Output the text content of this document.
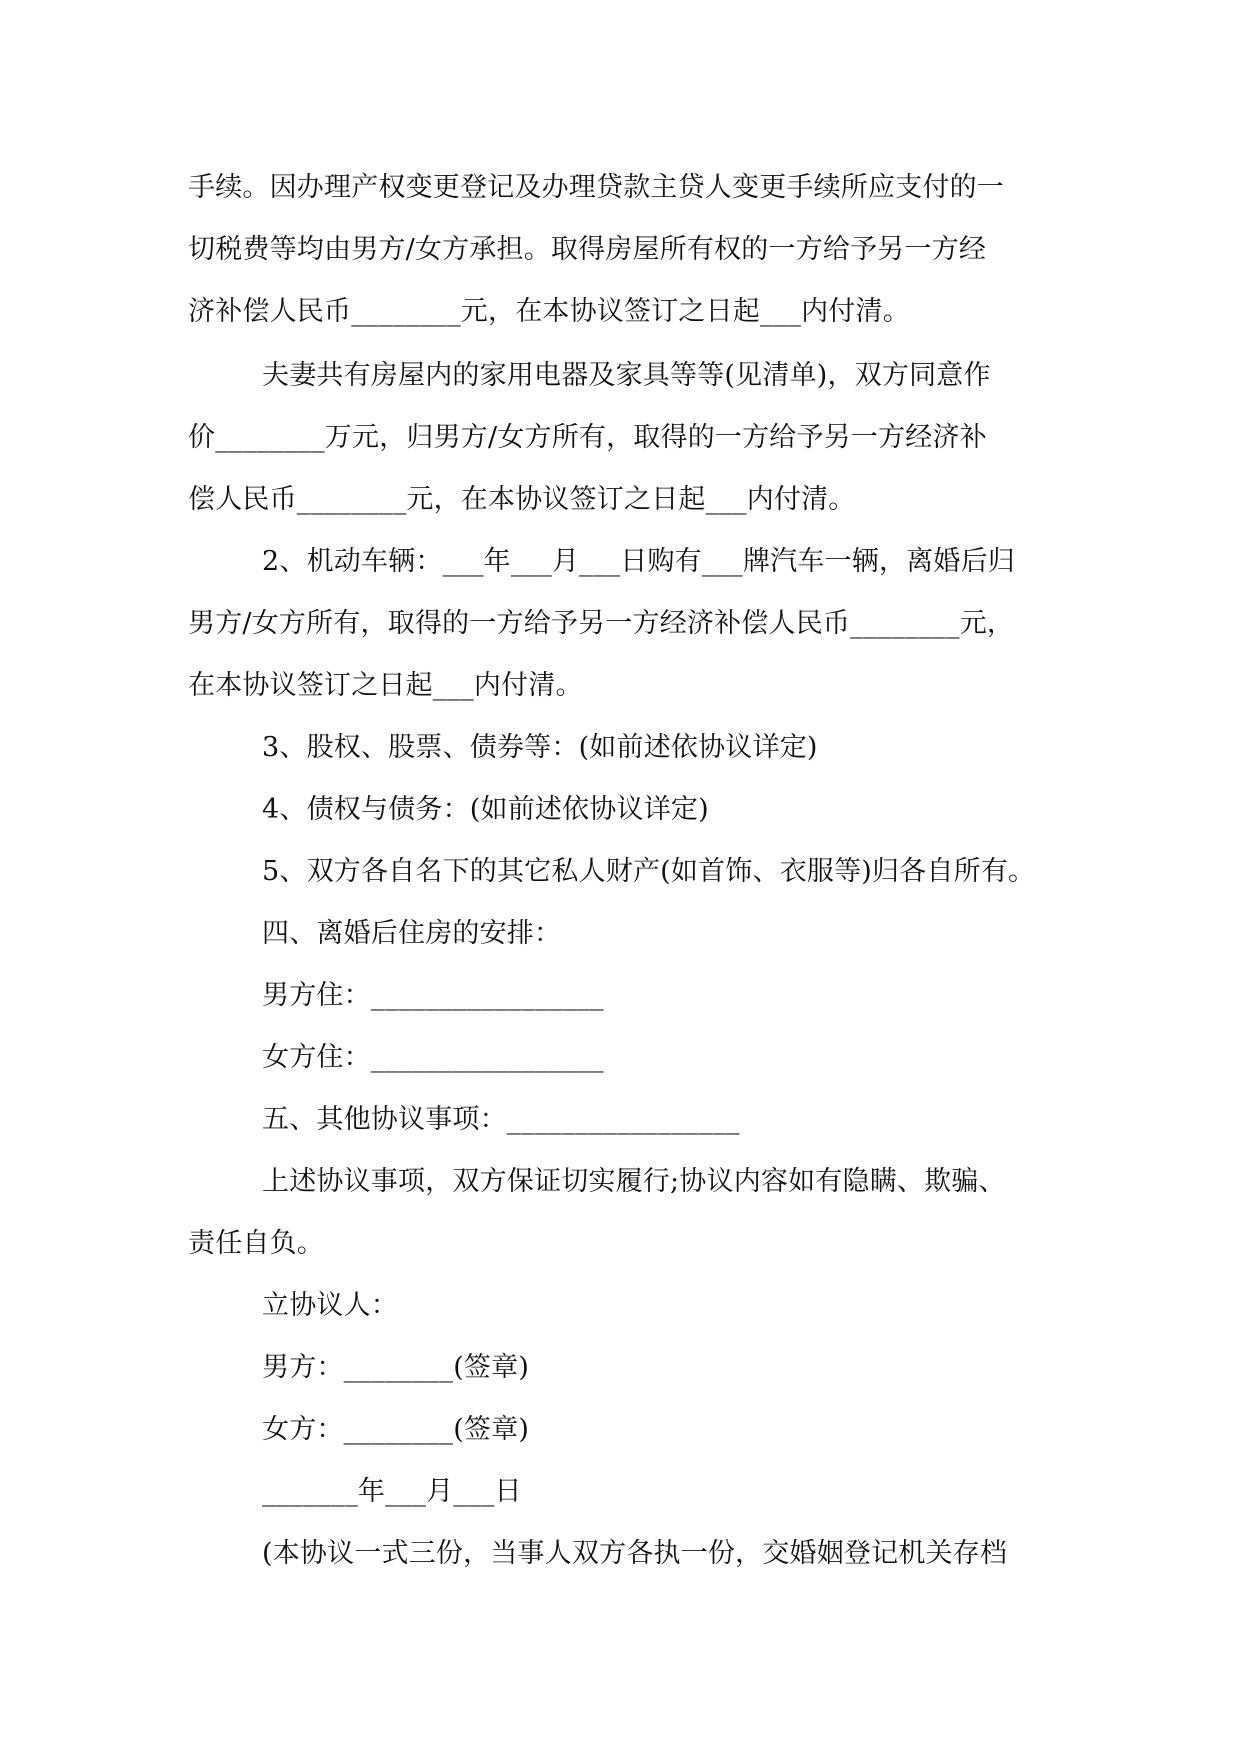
手续。因办理产权变更登记及办理贷款主贷人变更手续所应支付的一
切税费等均由男方/女方承担。取得房屋所有权的一方给予另一方经
济补偿人民币________元，在本协议签订之日起___内付清。
夫妻共有房屋内的家用电器及家具等等(见清单)，双方同意作
价________万元，归男方/女方所有，取得的一方给予另一方经济补
偿人民币________元，在本协议签订之日起___内付清。
2、机动车辆：___年___月___日购有___牌汽车一辆，离婚后归
男方/女方所有，取得的一方给予另一方经济补偿人民币________元，
在本协议签订之日起___内付清。
3、股权、股票、债券等：(如前述依协议详定)
4、债权与债务：(如前述依协议详定)
5、双方各自名下的其它私人财产(如首饰、衣服等)归各自所有。
四、离婚后住房的安排：
男方住：_________________
女方住：_________________
五、其他协议事项：_________________
上述协议事项，双方保证切实履行;协议内容如有隐瞒、欺骗、
责任自负。
立协议人：
男方：________(签章)
女方：________(签章)
_______年___月___日
(本协议一式三份，当事人双方各执一份，交婚姻登记机关存档
